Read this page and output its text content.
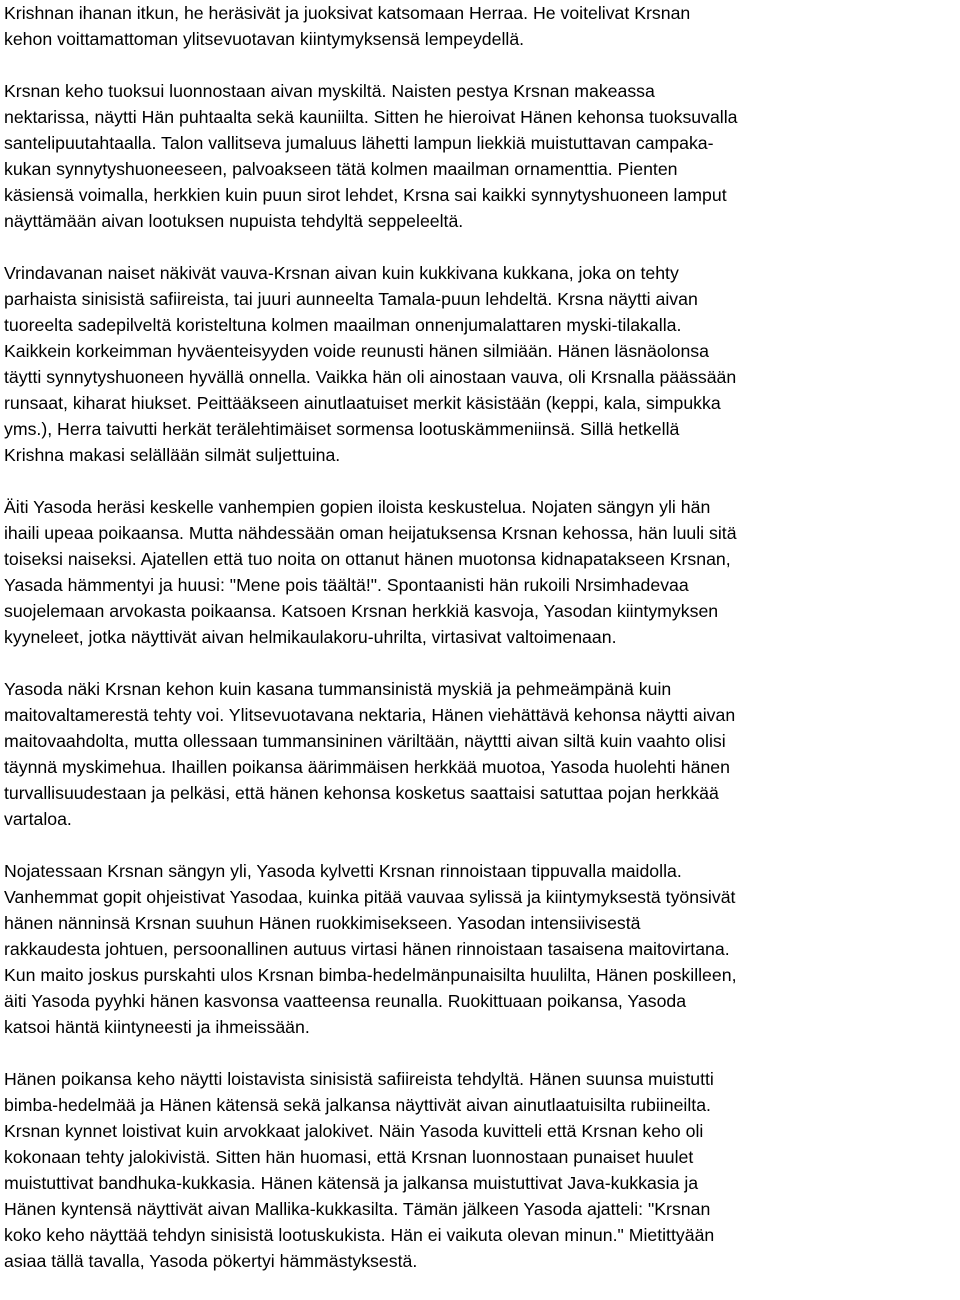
Krishnan ihanan itkun, he heräsivät ja juoksivat katsomaan Herraa. He voitelivat Krsnan
kehon voittamattoman ylitsevuotavan kiintymyksensä lempeydellä.

Krsnan keho tuoksui luonnostaan aivan myskiltä. Naisten pestya Krsnan makeassa
nektarissa, näytti Hän puhtaalta sekä kauniilta. Sitten he hieroivat Hänen kehonsa tuoksuvalla
santelipuutahtaalla. Talon vallitseva jumaluus lähetti lampun liekkiä muistuttavan campaka-
kukan synnytyshuoneeseen, palvoakseen tätä kolmen maailman ornamenttia. Pienten
käsiensä voimalla, herkkien kuin puun sirot lehdet, Krsna sai kaikki synnytyshuoneen lamput
näyttämään aivan lootuksen nupuista tehdyltä seppeleeltä.

Vrindavanan naiset näkivät vauva-Krsnan aivan kuin kukkivana kukkana, joka on tehty
parhaista sinisistä safiireista, tai juuri aunneelta Tamala-puun lehdeltä. Krsna näytti aivan
tuoreelta sadepilveltä koristeltuna kolmen maailman onnenjumalattaren myski-tilakalla.
Kaikkein korkeimman hyväenteisyyden voide reunusti hänen silmiään. Hänen läsnäolonsa
täytti synnytyshuoneen hyvällä onnella. Vaikka hän oli ainostaan vauva, oli Krsnalla päässään
runsaat, kiharat hiukset. Peittääkseen ainutlaatuiset merkit käsistään (keppi, kala, simpukka
yms.), Herra taivutti herkät terälehtimäiset sormensa lootuskämmeniinsä. Sillä hetkellä
Krishna makasi selällään silmät suljettuina.

Äiti Yasoda heräsi keskelle vanhempien gopien iloista keskustelua. Nojaten sängyn yli hän
ihaili upeaa poikaansa. Mutta nähdessään oman heijatuksensa Krsnan kehossa, hän luuli sitä
toiseksi naiseksi. Ajatellen että tuo noita on ottanut hänen muotonsa kidnapatakseen Krsnan,
Yasada hämmentyi ja huusi: "Mene pois täältä!". Spontaanisti hän rukoili Nrsimhadevaa
suojelemaan arvokasta poikaansa. Katsoen Krsnan herkkiä kasvoja, Yasodan kiintymyksen
kyyneleet, jotka näyttivät aivan helmikaulakoru-uhrilta, virtasivat valtoimenaan.

Yasoda näki Krsnan kehon kuin kasana tummansinistä myskiä ja pehmeämpänä kuin
maitovaltamerestä tehty voi. Ylitsevuotavana nektaria, Hänen viehättävä kehonsa näytti aivan
maitovaahdolta, mutta ollessaan tummansininen väriltään, näyttti aivan siltä kuin vaahto olisi
täynnä myskimehua. Ihaillen poikansa äärimmäisen herkkää muotoa, Yasoda huolehti hänen
turvallisuudestaan ja pelkäsi, että hänen kehonsa kosketus saattaisi satuttaa pojan herkkää
vartaloa.

Nojatessaan Krsnan sängyn yli, Yasoda kylvetti Krsnan rinnoistaan tippuvalla maidolla.
Vanhemmat gopit ohjeistivat Yasodaa, kuinka pitää vauvaa sylissä ja kiintymyksestä työnsivät
hänen nänninsä Krsnan suuhun Hänen ruokkimisekseen. Yasodan intensiivisestä
rakkaudesta johtuen, persoonallinen autuus virtasi hänen rinnoistaan tasaisena maitovirtana.
Kun maito joskus purskahti ulos Krsnan bimba-hedelmänpunaisilta huulilta, Hänen poskilleen,
äiti Yasoda pyyhki hänen kasvonsa vaatteensa reunalla. Ruokittuaan poikansa, Yasoda
katsoi häntä kiintyneesti ja ihmeissään.

Hänen poikansa keho näytti loistavista sinisistä safiireista tehdyltä. Hänen suunsa muistutti
bimba-hedelmää ja Hänen kätensä sekä jalkansa näyttivät aivan ainutlaatuisilta rubiineilta.
Krsnan kynnet loistivat kuin arvokkaat jalokivet. Näin Yasoda kuvitteli että Krsnan keho oli
kokonaan tehty jalokivistä. Sitten hän huomasi, että Krsnan luonnostaan punaiset huulet
muistuttivat bandhuka-kukkasia. Hänen kätensä ja jalkansa muistuttivat Java-kukkasia ja
Hänen kyntensä näyttivät aivan Mallika-kukkasilta. Tämän jälkeen Yasoda ajatteli: "Krsnan
koko keho näyttää tehdyn sinisistä lootuskukista. Hän ei vaikuta olevan minun." Mietittyään
asiaa tällä tavalla, Yasoda pökertyi hämmästyksestä.
